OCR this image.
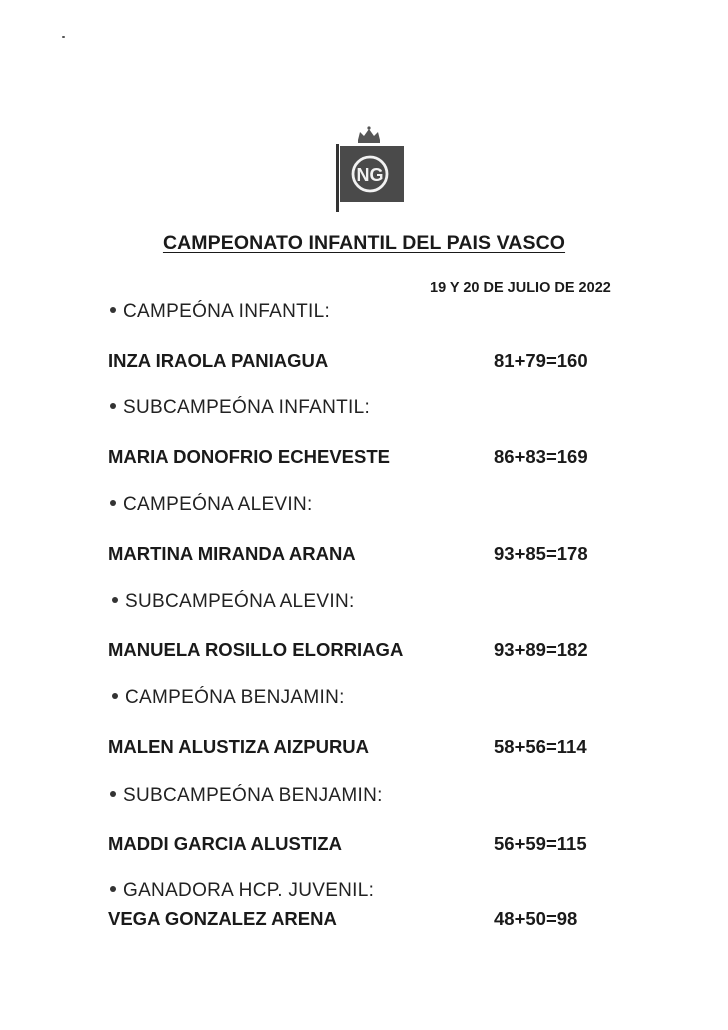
NG
CAMPEONATO INFANTIL DEL PAIS VASCO
19 Y 20 DE JULIO DE 2022
CAMPEÓNA INFANTIL:
INZA IRAOLA PANIAGUA	81+79=160
SUBCAMPEÓNA INFANTIL:
MARIA DONOFRIO ECHEVESTE	86+83=169
CAMPEÓNA ALEVIN:
MARTINA MIRANDA ARANA	93+85=178
SUBCAMPEÓNA ALEVIN:
MANUELA ROSILLO ELORRIAGA	93+89=182
CAMPEÓNA BENJAMIN:
MALEN ALUSTIZA AIZPURUA	58+56=114
SUBCAMPEÓNA BENJAMIN:
MADDI GARCIA ALUSTIZA	56+59=115
GANADORA HCP. JUVENIL:
VEGA GONZALEZ ARENA	48+50=98
